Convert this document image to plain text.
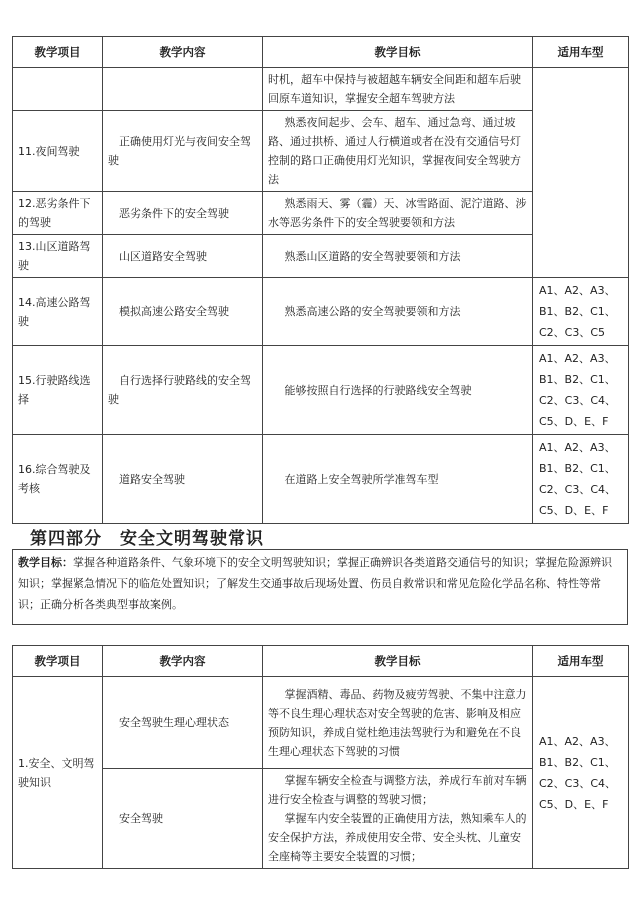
教学项目	教学内容	教学目标	适用车型
		时机，超车中保持与被超越车辆安全间距和超车后驶回原车道知识，掌握安全超车驾驶方法	
11.夜间驾驶	正确使用灯光与夜间安全驾驶	熟悉夜间起步、会车、超车、通过急弯、通过坡路、通过拱桥、通过人行横道或者在没有交通信号灯控制的路口正确使用灯光知识，掌握夜间安全驾驶方法	
12.恶劣条件下的驾驶	恶劣条件下的安全驾驶	熟悉雨天、雾（霾）天、冰雪路面、泥泞道路、涉水等恶劣条件下的安全驾驶要领和方法	
13.山区道路驾驶	山区道路安全驾驶	熟悉山区道路的安全驾驶要领和方法	
14.高速公路驾驶	模拟高速公路安全驾驶	熟悉高速公路的安全驾驶要领和方法	A1、A2、A3、B1、B2、C1、C2、C3、C5
15.行驶路线选择	自行选择行驶路线的安全驾驶	能够按照自行选择的行驶路线安全驾驶	A1、A2、A3、B1、B2、C1、C2、C3、C4、C5、D、E、F
16.综合驾驶及考核	道路安全驾驶	在道路上安全驾驶所学准驾车型	A1、A2、A3、B1、B2、C1、C2、C3、C4、C5、D、E、F
第四部分 安全文明驾驶常识
教学目标：掌握各种道路条件、气象环境下的安全文明驾驶知识；掌握正确辨识各类道路交通信号的知识；掌握危险源辨识知识；掌握紧急情况下的临危处置知识；了解发生交通事故后现场处置、伤员自救常识和常见危险化学品名称、特性等常识；正确分析各类典型事故案例。
教学项目	教学内容	教学目标	适用车型
1.安全、文明驾驶知识	安全驾驶生理心理状态	掌握酒精、毒品、药物及疲劳驾驶、不集中注意力等不良生理心理状态对安全驾驶的危害、影响及相应预防知识，养成自觉杜绝违法驾驶行为和避免在不良生理心理状态下驾驶的习惯	A1、A2、A3、B1、B2、C1、C2、C3、C4、C5、D、E、F
	安全驾驶	掌握车辆安全检查与调整方法，养成行车前对车辆进行安全检查与调整的驾驶习惯；
掌握车内安全装置的正确使用方法，熟知乘车人的安全保护方法，养成使用安全带、安全头枕、儿童安全座椅等主要安全装置的习惯；	
